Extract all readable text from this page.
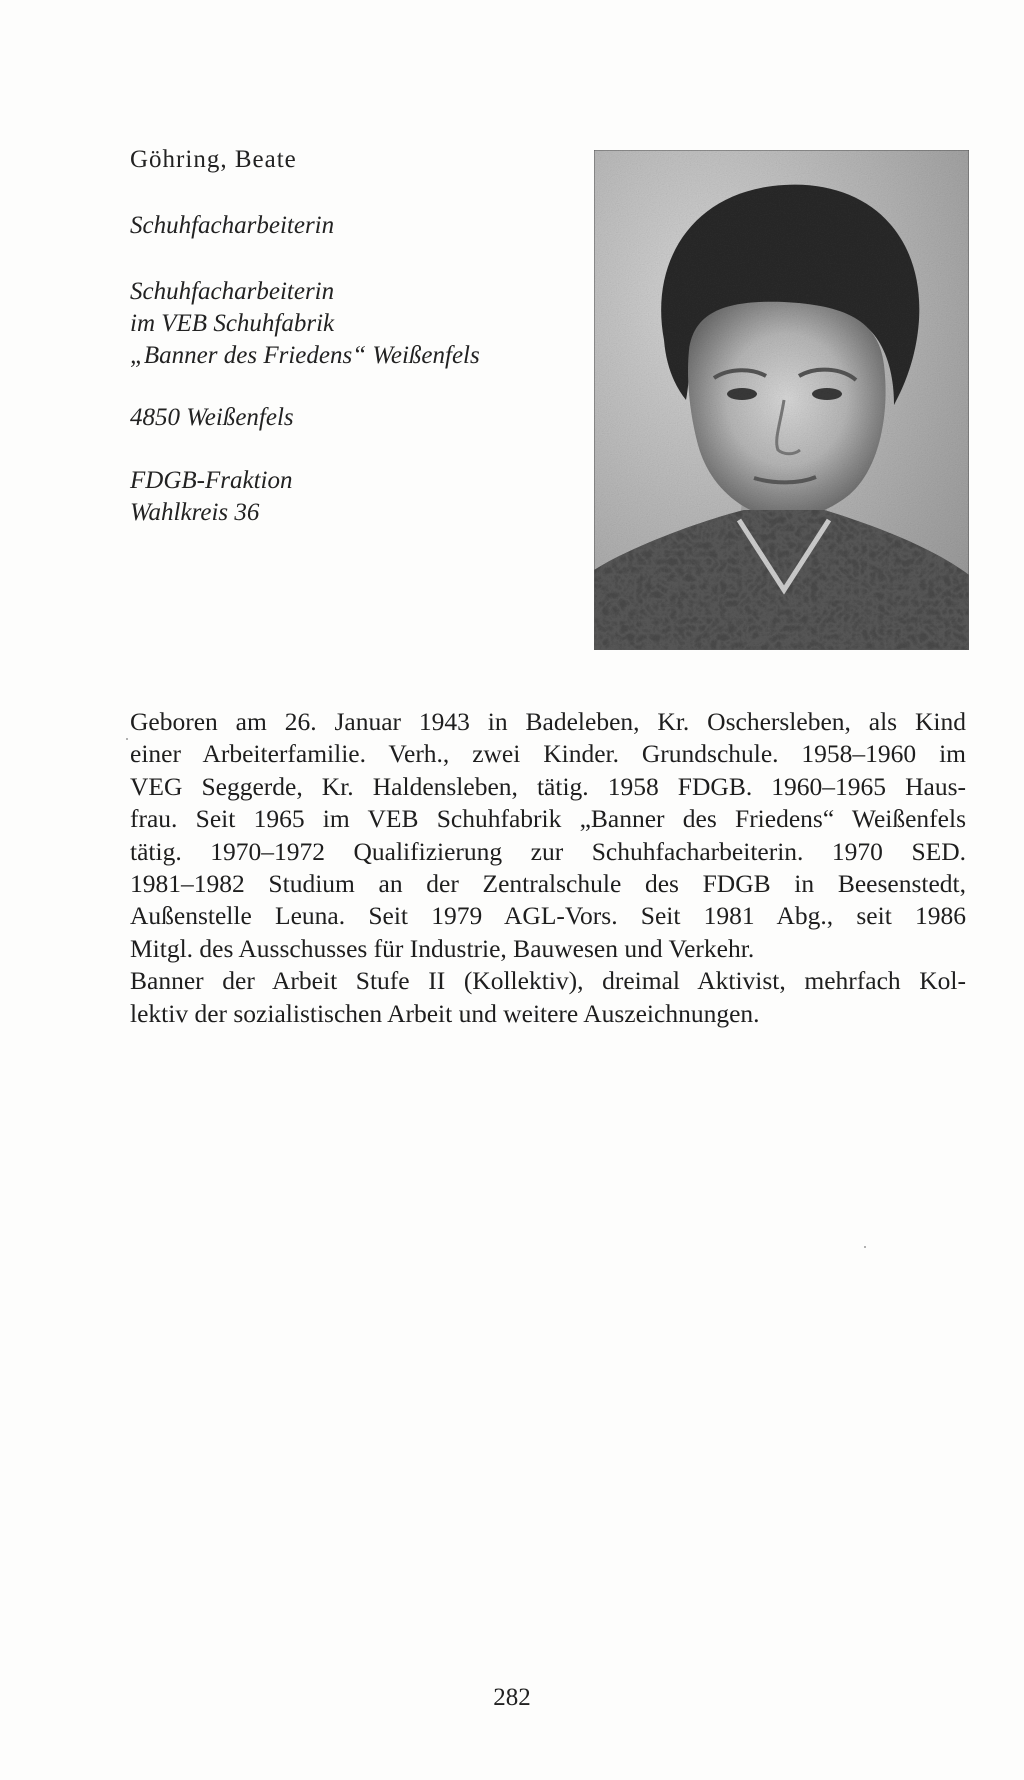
Göhring, Beate
Schuhfacharbeiterin
Schuhfacharbeiterin
im VEB Schuhfabrik
„Banner des Friedens“ Weißenfels
4850 Weißenfels
FDGB-Fraktion
Wahlkreis 36
Geboren am 26. Januar 1943 in Badeleben, Kr. Oschersleben, als Kind
einer Arbeiterfamilie. Verh., zwei Kinder. Grundschule. 1958–1960 im
VEG Seggerde, Kr. Haldensleben, tätig. 1958 FDGB. 1960–1965 Haus-
frau. Seit 1965 im VEB Schuhfabrik „Banner des Friedens“ Weißenfels
tätig. 1970–1972 Qualifizierung zur Schuhfacharbeiterin. 1970 SED.
1981–1982 Studium an der Zentralschule des FDGB in Beesenstedt,
Außenstelle Leuna. Seit 1979 AGL-Vors. Seit 1981 Abg., seit 1986
Mitgl. des Ausschusses für Industrie, Bauwesen und Verkehr.
Banner der Arbeit Stufe II (Kollektiv), dreimal Aktivist, mehrfach Kol-
lektiv der sozialistischen Arbeit und weitere Auszeichnungen.
282
